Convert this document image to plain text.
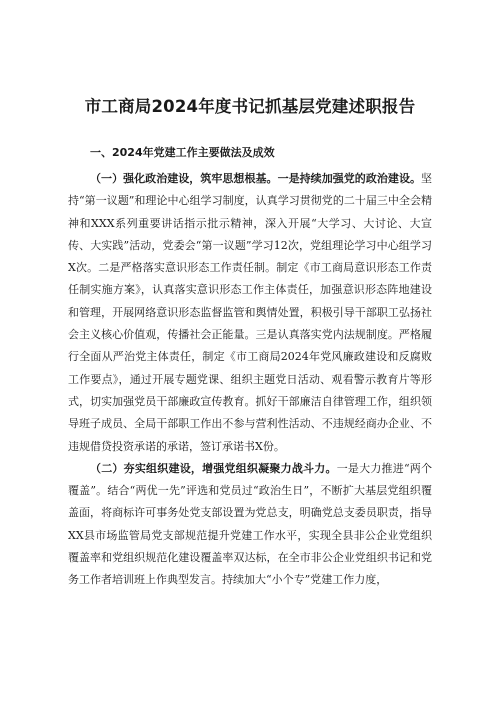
市工商局2024年度书记抓基层党建述职报告
一、2024年党建工作主要做法及成效

（一）强化政治建设，筑牢思想根基。一是持续加强党的政治建设。坚持“第一议题”和理论中心组学习制度，认真学习贯彻党的二十届三中全会精神和XXX系列重要讲话指示批示精神，深入开展“大学习、大讨论、大宣传、大实践”活动，党委会“第一议题”学习12次，党组理论学习中心组学习X次。二是严格落实意识形态工作责任制。制定《市工商局意识形态工作责任制实施方案》，认真落实意识形态工作主体责任，加强意识形态阵地建设和管理，开展网络意识形态监督监管和舆情处置，积极引导干部职工弘扬社会主义核心价值观，传播社会正能量。三是认真落实党内法规制度。严格履行全面从严治党主体责任，制定《市工商局2024年党风廉政建设和反腐败工作要点》，通过开展专题党课、组织主题党日活动、观看警示教育片等形式，切实加强党员干部廉政宣传教育。抓好干部廉洁自律管理工作，组织领导班子成员、全局干部职工作出不参与营利性活动、不违规经商办企业、不违规借贷投资承诺的承诺，签订承诺书X份。

（二）夯实组织建设，增强党组织凝聚力战斗力。一是大力推进“两个覆盖”。结合“两优一先”评选和党员过“政治生日”，不断扩大基层党组织覆盖面，将商标许可事务处党支部设置为党总支，明确党总支委员职责，指导XX县市场监管局党支部规范提升党建工作水平，实现全县非公企业党组织覆盖率和党组织规范化建设覆盖率双达标，在全市非公企业党组织书记和党务工作者培训班上作典型发言。持续加大“小个专”党建工作力度，
